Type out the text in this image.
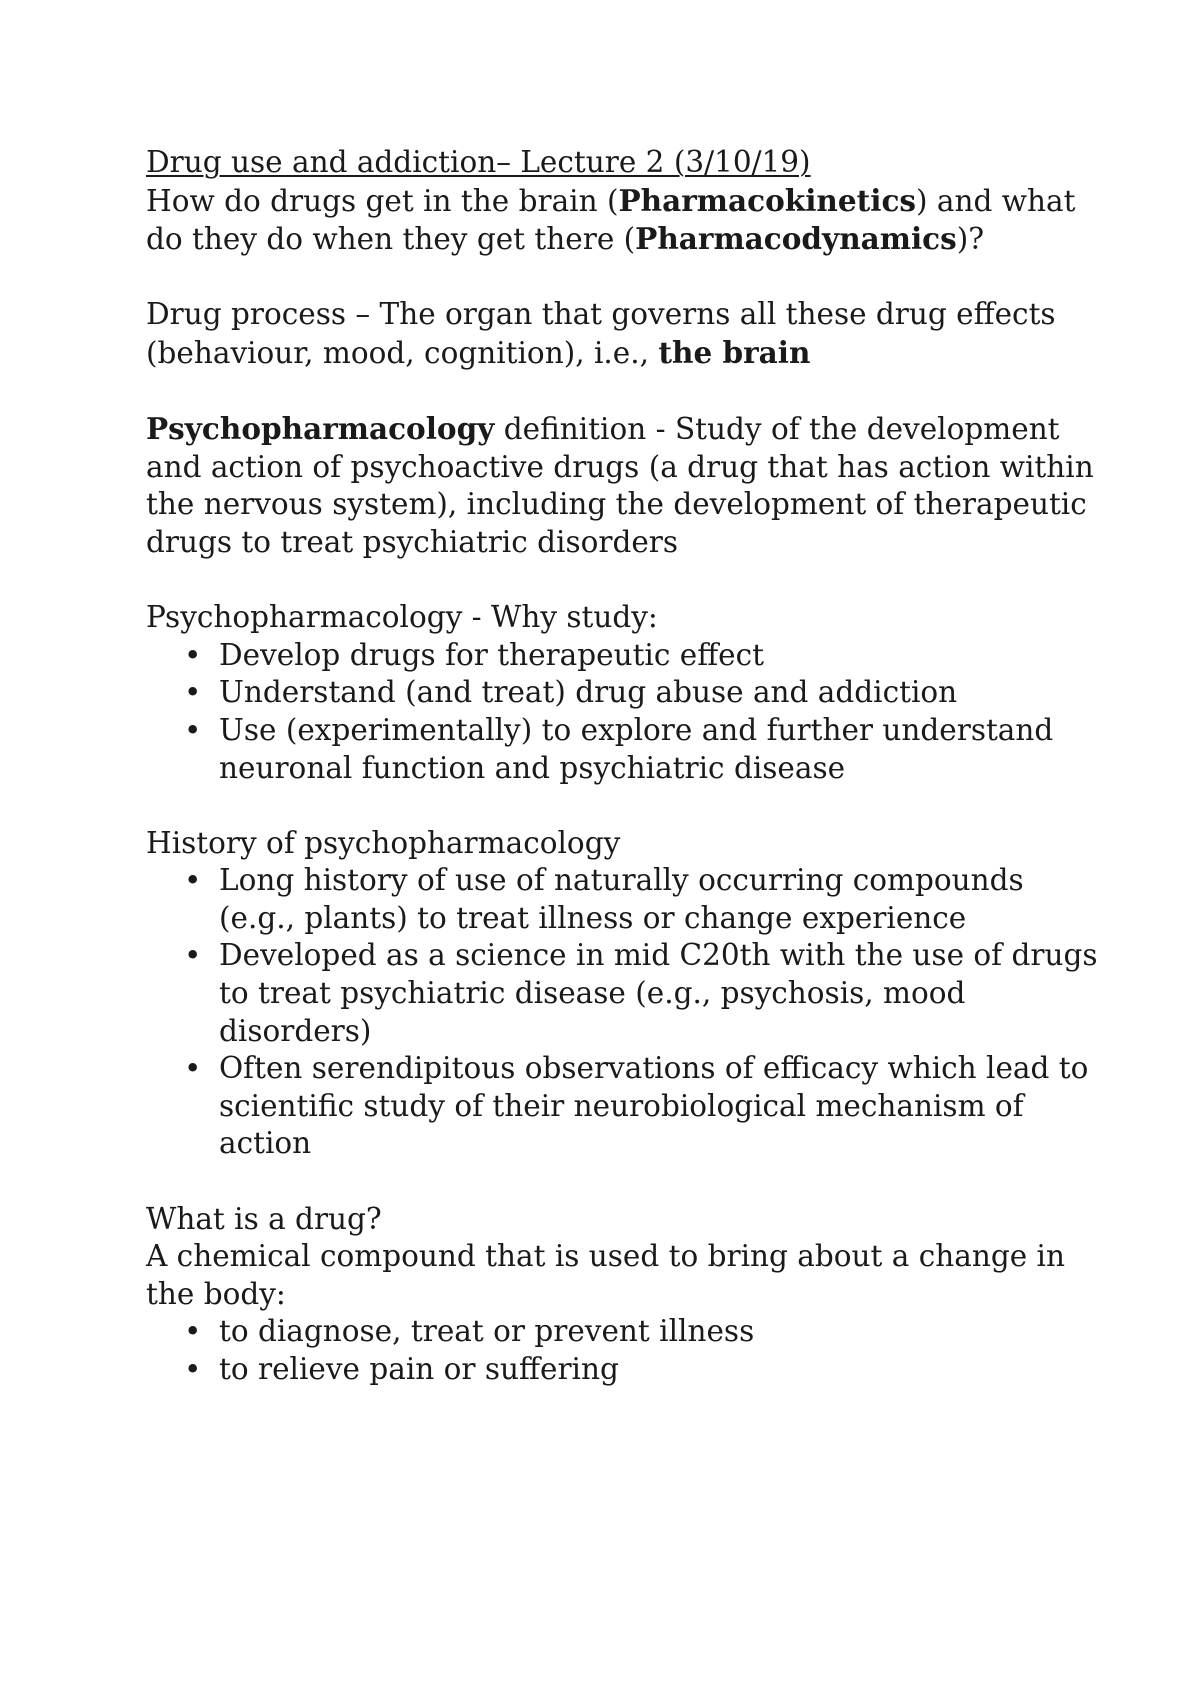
Drug use and addiction– Lecture 2 (3/10/19)

How do drugs get in the brain (Pharmacokinetics) and what do they do when they get there (Pharmacodynamics)?

Drug process – The organ that governs all these drug effects (behaviour, mood, cognition), i.e., the brain

Psychopharmacology definition - Study of the development and action of psychoactive drugs (a drug that has action within the nervous system), including the development of therapeutic drugs to treat psychiatric disorders

Psychopharmacology - Why study:

• Develop drugs for therapeutic effect
• Understand (and treat) drug abuse and addiction
• Use (experimentally) to explore and further understand neuronal function and psychiatric disease

History of psychopharmacology

• Long history of use of naturally occurring compounds (e.g., plants) to treat illness or change experience
• Developed as a science in mid C20th with the use of drugs to treat psychiatric disease (e.g., psychosis, mood disorders)
• Often serendipitous observations of efficacy which lead to scientific study of their neurobiological mechanism of action

What is a drug?

A chemical compound that is used to bring about a change in the body:

• to diagnose, treat or prevent illness
• to relieve pain or suffering
